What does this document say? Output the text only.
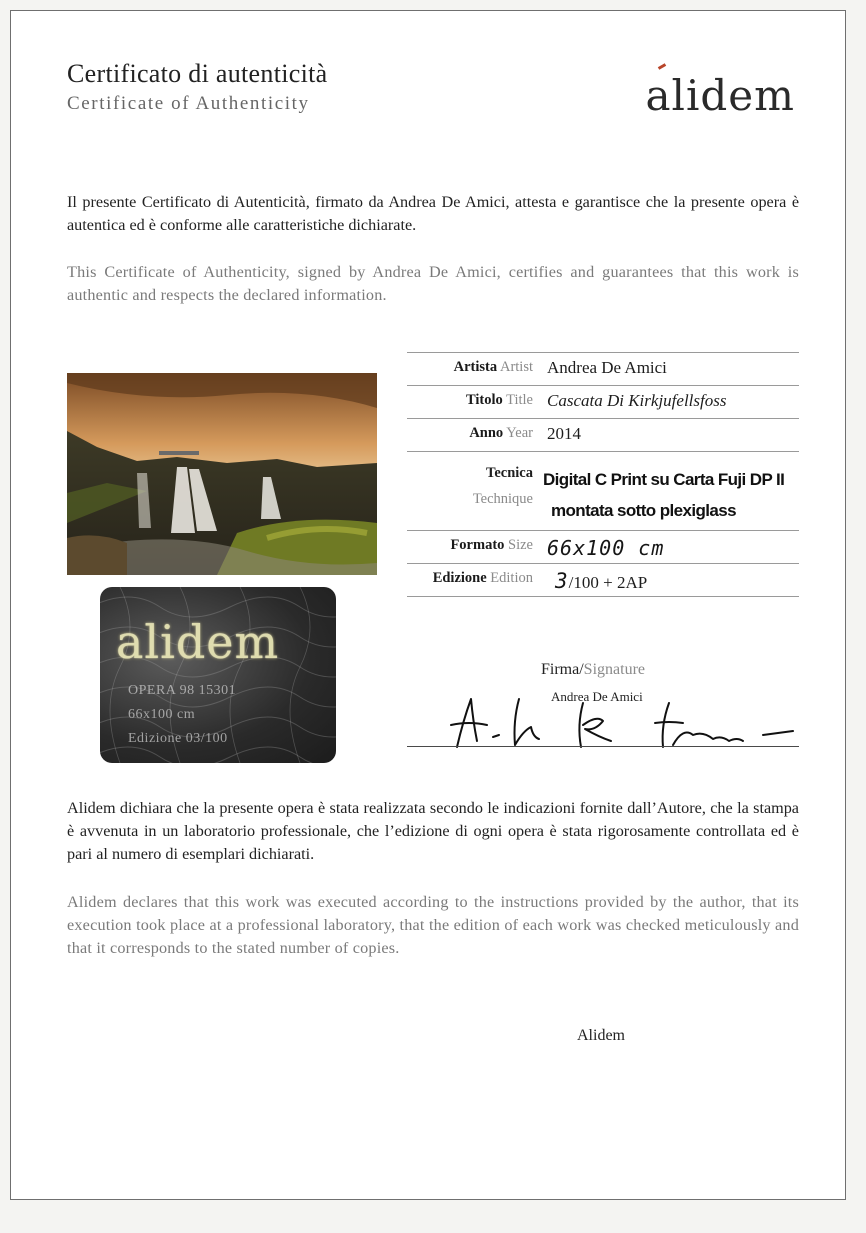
Certificato di autenticità
Certificate of Authenticity	alidem
Il presente Certificato di Autenticità, firmato da Andrea De Amici, attesta e garantisce che la presente opera è autentica ed è conforme alle caratteristiche dichiarate.
This Certificate of Authenticity, signed by Andrea De Amici, certifies and guarantees that this work is authentic and respects the declared information.
alidem
OPERA 98 15301
66x100 cm
Edizione 03/100
Artista Artist Andrea De Amici
Titolo Title Cascata Di Kirkjufellsfoss
Anno Year 2014
Tecnica
Technique
Digital C Print su Carta Fuji DP II
montata sotto plexiglass
Formato Size 66x100 cm
Edizione Edition 3/100 + 2AP
Firma/Signature
Andrea De Amici
Alidem dichiara che la presente opera è stata realizzata secondo le indicazioni fornite dall’Autore, che la stampa è avvenuta in un laboratorio professionale, che l’edizione di ogni opera è stata rigorosamente controllata ed è pari al numero di esemplari dichiarati.
Alidem declares that this work was executed according to the instructions provided by the author, that its execution took place at a professional laboratory, that the edition of each work was checked meticulously and that it corresponds to the stated number of copies.
Alidem
